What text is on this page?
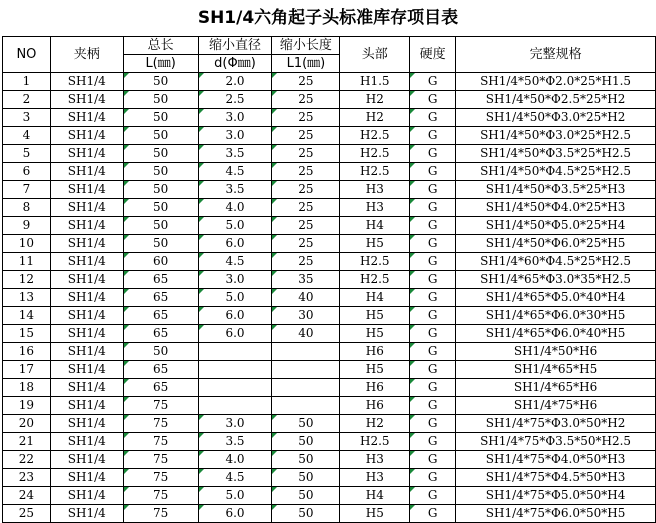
SH1/4六角起子头标准库存项目表
NO	夹柄	总长	缩小直径	缩小长度	头部	硬度	完整规格
		L(㎜)	d(Φ㎜)	L1(㎜)			
1	SH1/4	50	2.0	25	H1.5	G	SH1/4*50*Φ2.0*25*H1.5
2	SH1/4	50	2.5	25	H2	G	SH1/4*50*Φ2.5*25*H2
3	SH1/4	50	3.0	25	H2	G	SH1/4*50*Φ3.0*25*H2
4	SH1/4	50	3.0	25	H2.5	G	SH1/4*50*Φ3.0*25*H2.5
5	SH1/4	50	3.5	25	H2.5	G	SH1/4*50*Φ3.5*25*H2.5
6	SH1/4	50	4.5	25	H2.5	G	SH1/4*50*Φ4.5*25*H2.5
7	SH1/4	50	3.5	25	H3	G	SH1/4*50*Φ3.5*25*H3
8	SH1/4	50	4.0	25	H3	G	SH1/4*50*Φ4.0*25*H3
9	SH1/4	50	5.0	25	H4	G	SH1/4*50*Φ5.0*25*H4
10	SH1/4	50	6.0	25	H5	G	SH1/4*50*Φ6.0*25*H5
11	SH1/4	60	4.5	25	H2.5	G	SH1/4*60*Φ4.5*25*H2.5
12	SH1/4	65	3.0	35	H2.5	G	SH1/4*65*Φ3.0*35*H2.5
13	SH1/4	65	5.0	40	H4	G	SH1/4*65*Φ5.0*40*H4
14	SH1/4	65	6.0	30	H5	G	SH1/4*65*Φ6.0*30*H5
15	SH1/4	65	6.0	40	H5	G	SH1/4*65*Φ6.0*40*H5
16	SH1/4	50			H6	G	SH1/4*50*H6
17	SH1/4	65			H5	G	SH1/4*65*H5
18	SH1/4	65			H6	G	SH1/4*65*H6
19	SH1/4	75			H6	G	SH1/4*75*H6
20	SH1/4	75	3.0	50	H2	G	SH1/4*75*Φ3.0*50*H2
21	SH1/4	75	3.5	50	H2.5	G	SH1/4*75*Φ3.5*50*H2.5
22	SH1/4	75	4.0	50	H3	G	SH1/4*75*Φ4.0*50*H3
23	SH1/4	75	4.5	50	H3	G	SH1/4*75*Φ4.5*50*H3
24	SH1/4	75	5.0	50	H4	G	SH1/4*75*Φ5.0*50*H4
25	SH1/4	75	6.0	50	H5	G	SH1/4*75*Φ6.0*50*H5
